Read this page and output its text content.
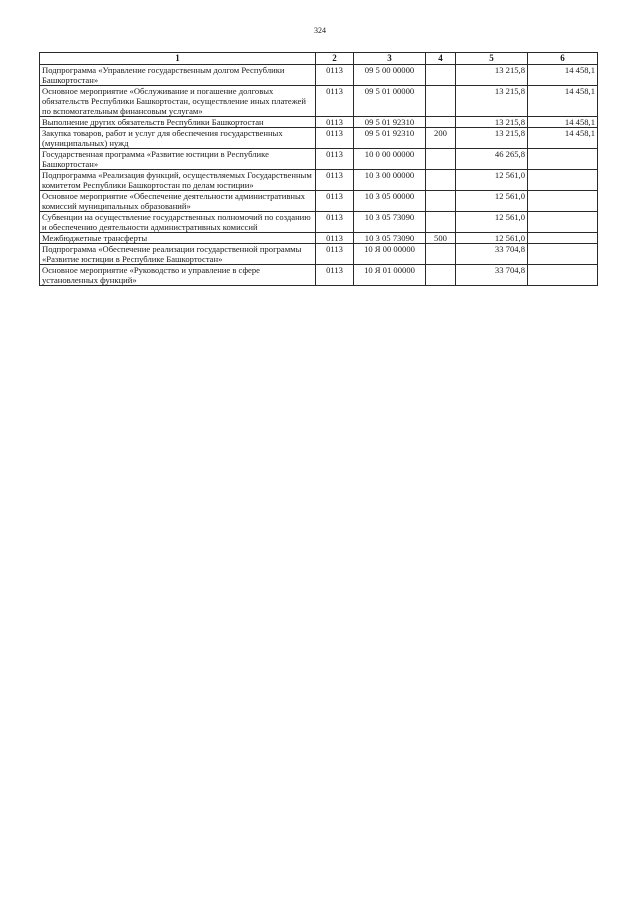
324
1	2	3	4	5	6
Подпрограмма «Управление государственным долгом Республики Башкортостан»	0113	09 5 00 00000		13 215,8	14 458,1
Основное мероприятие «Обслуживание и погашение долговых обязательств Республики Башкортостан, осуществление иных платежей по вспомогательным финансовым услугам»	0113	09 5 01 00000		13 215,8	14 458,1
Выполнение других обязательств Республики Башкортостан	0113	09 5 01 92310		13 215,8	14 458,1
Закупка товаров, работ и услуг для обеспечения государственных (муниципальных) нужд	0113	09 5 01 92310	200	13 215,8	14 458,1
Государственная программа «Развитие юстиции в Республике Башкортостан»	0113	10 0 00 00000		46 265,8	
Подпрограмма «Реализация функций, осуществляемых Государственным комитетом Республики Башкортостан по делам юстиции»	0113	10 3 00 00000		12 561,0	
Основное мероприятие «Обеспечение деятельности административных комиссий муниципальных образований»	0113	10 3 05 00000		12 561,0	
Субвенции на осуществление государственных полномочий по созданию и обеспечению деятельности административных комиссий	0113	10 3 05 73090		12 561,0	
Межбюджетные трансферты	0113	10 3 05 73090	500	12 561,0	
Подпрограмма «Обеспечение реализации государственной программы «Развитие юстиции в Республике Башкортостан»	0113	10 Я 00 00000		33 704,8	
Основное мероприятие «Руководство и управление в сфере установленных функций»	0113	10 Я 01 00000		33 704,8	
